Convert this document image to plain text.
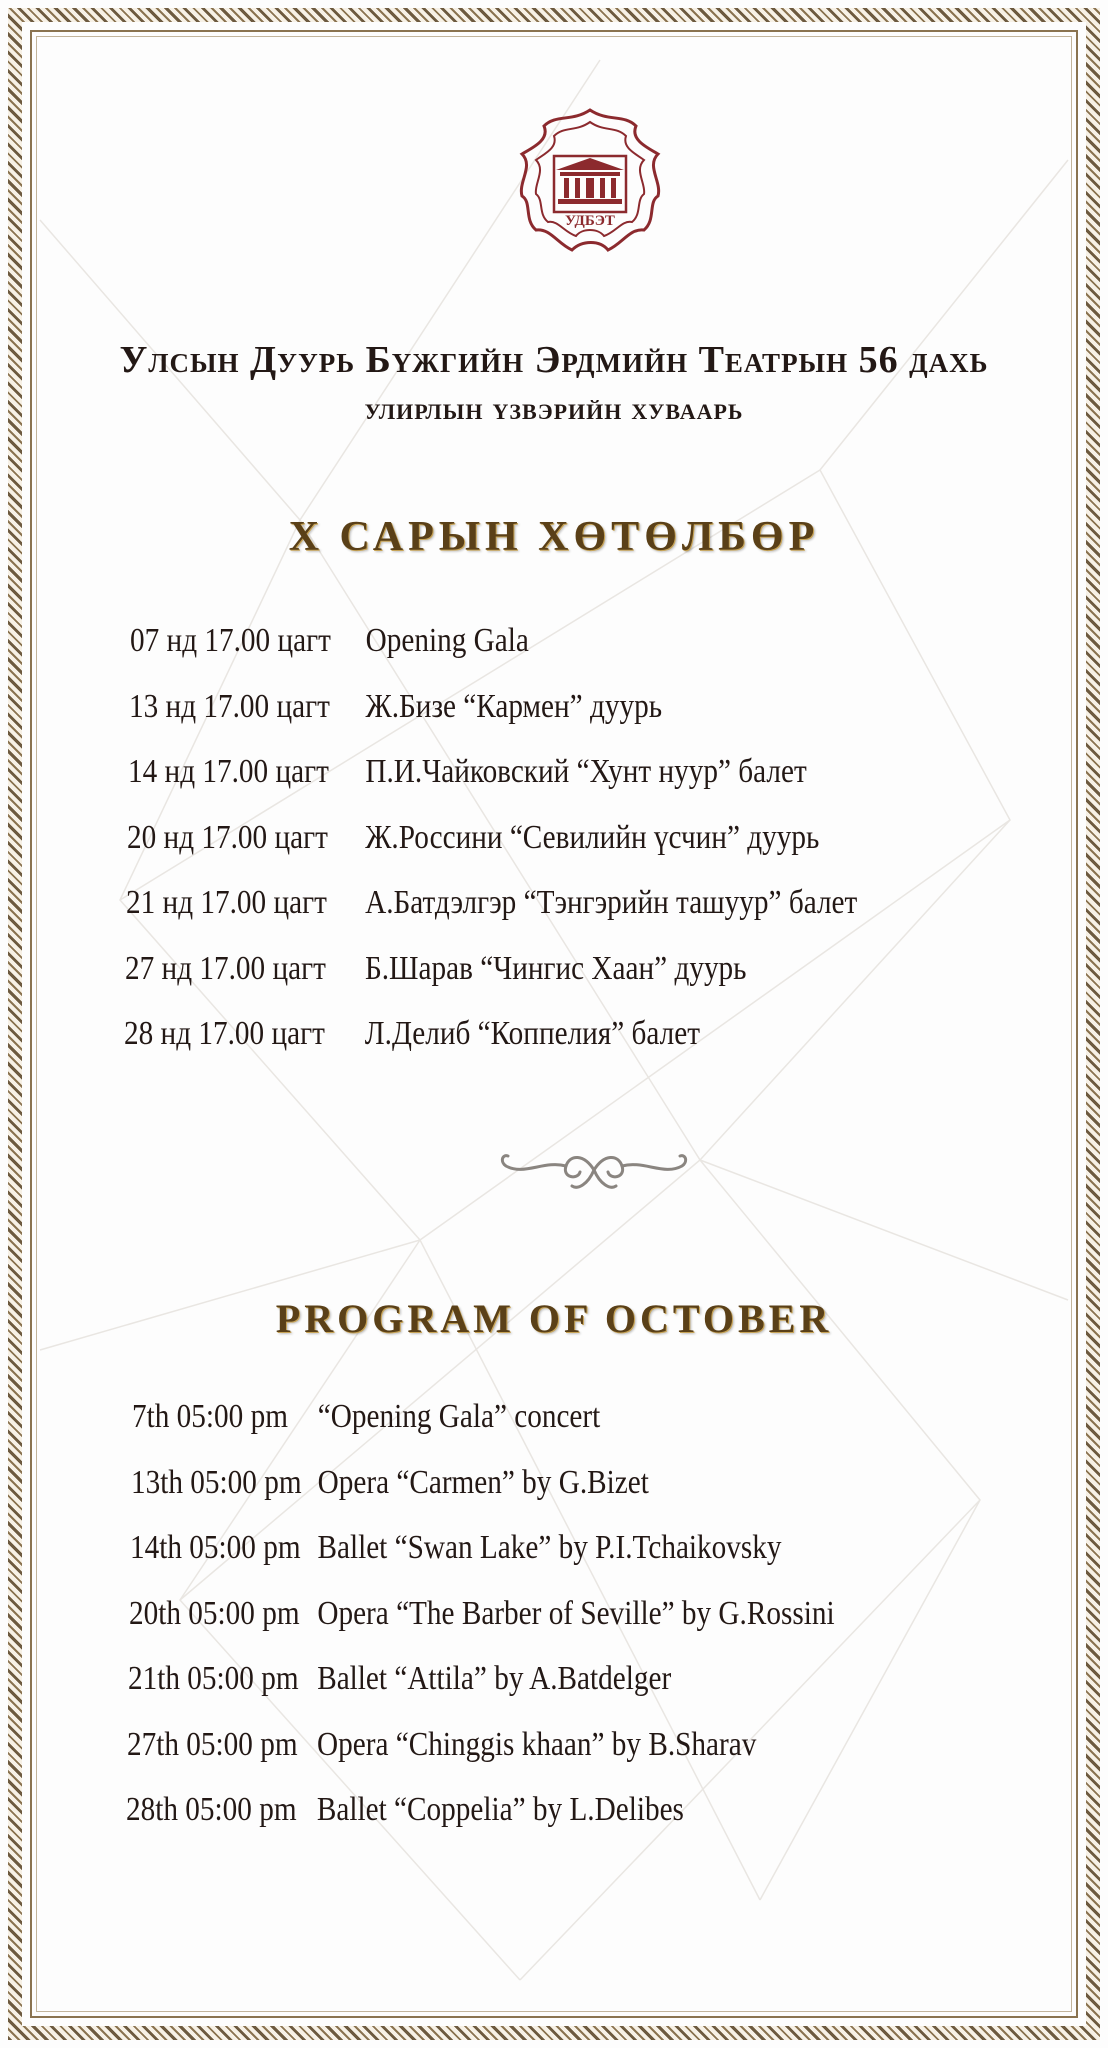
УДБЭТ
Улсын Дуурь Бүжгийн Эрдмийн Театрын 56 дахь
улирлын үзвэрийн хуваарь
Х САРЫН ХӨТӨЛБӨР
07 нд 17.00 цагт Opening Gala
13 нд 17.00 цагт Ж.Бизе “Кармен” дуурь
14 нд 17.00 цагт П.И.Чайковский “Хунт нуур” балет
20 нд 17.00 цагт Ж.Россини “Севилийн үсчин” дуурь
21 нд 17.00 цагт А.Батдэлгэр “Тэнгэрийн ташуур” балет
27 нд 17.00 цагт Б.Шарав “Чингис Хаан” дуурь
28 нд 17.00 цагт Л.Делиб “Коппелия” балет
PROGRAM OF OCTOBER
7th 05:00 pm “Opening Gala” concert
13th 05:00 pm Opera “Carmen” by G.Bizet
14th 05:00 pm Ballet “Swan Lake” by P.I.Tchaikovsky
20th 05:00 pm Opera “The Barber of Seville” by G.Rossini
21th 05:00 pm Ballet “Attila” by A.Batdelger
27th 05:00 pm Opera “Chinggis khaan” by B.Sharav
28th 05:00 pm Ballet “Coppelia” by L.Delibes
